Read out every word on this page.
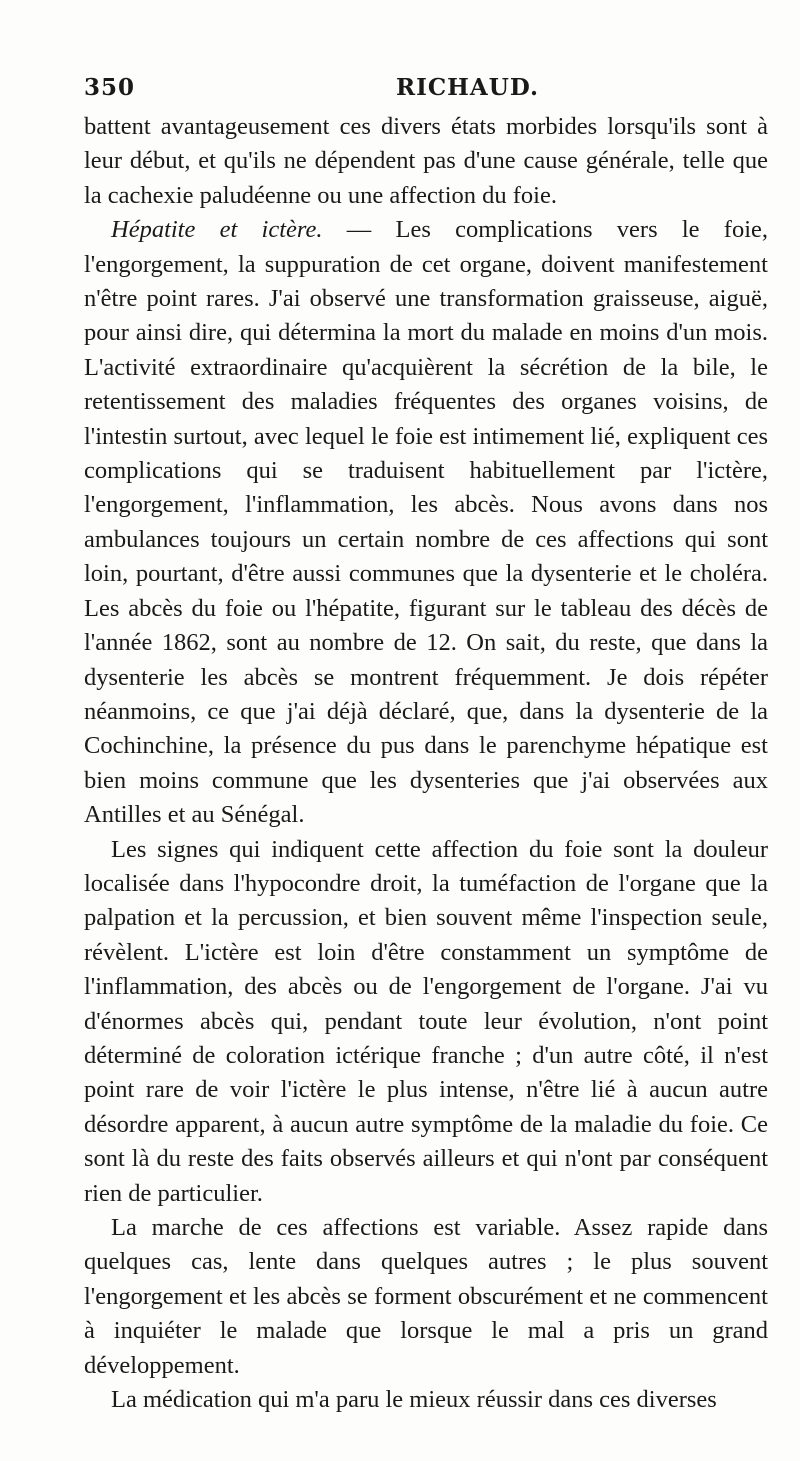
350	RICHAUD.

battent avantageusement ces divers états morbides lorsqu'ils sont à leur début, et qu'ils ne dépendent pas d'une cause générale, telle que la cachexie paludéenne ou une affection du foie.

Hépatite et ictère. — Les complications vers le foie, l'engorgement, la suppuration de cet organe, doivent manifestement n'être point rares. J'ai observé une transformation graisseuse, aiguë, pour ainsi dire, qui détermina la mort du malade en moins d'un mois. L'activité extraordinaire qu'acquièrent la sécrétion de la bile, le retentissement des maladies fréquentes des organes voisins, de l'intestin surtout, avec lequel le foie est intimement lié, expliquent ces complications qui se traduisent habituellement par l'ictère, l'engorgement, l'inflammation, les abcès. Nous avons dans nos ambulances toujours un certain nombre de ces affections qui sont loin, pourtant, d'être aussi communes que la dysenterie et le choléra. Les abcès du foie ou l'hépatite, figurant sur le tableau des décès de l'année 1862, sont au nombre de 12. On sait, du reste, que dans la dysenterie les abcès se montrent fréquemment. Je dois répéter néanmoins, ce que j'ai déjà déclaré, que, dans la dysenterie de la Cochinchine, la présence du pus dans le parenchyme hépatique est bien moins commune que les dysenteries que j'ai observées aux Antilles et au Sénégal.

Les signes qui indiquent cette affection du foie sont la douleur localisée dans l'hypocondre droit, la tuméfaction de l'organe que la palpation et la percussion, et bien souvent même l'inspection seule, révèlent. L'ictère est loin d'être constamment un symptôme de l'inflammation, des abcès ou de l'engorgement de l'organe. J'ai vu d'énormes abcès qui, pendant toute leur évolution, n'ont point déterminé de coloration ictérique franche ; d'un autre côté, il n'est point rare de voir l'ictère le plus intense, n'être lié à aucun autre désordre apparent, à aucun autre symptôme de la maladie du foie. Ce sont là du reste des faits observés ailleurs et qui n'ont par conséquent rien de particulier.

La marche de ces affections est variable. Assez rapide dans quelques cas, lente dans quelques autres ; le plus souvent l'engorgement et les abcès se forment obscurément et ne commencent à inquiéter le malade que lorsque le mal a pris un grand développement.

La médication qui m'a paru le mieux réussir dans ces diverses
